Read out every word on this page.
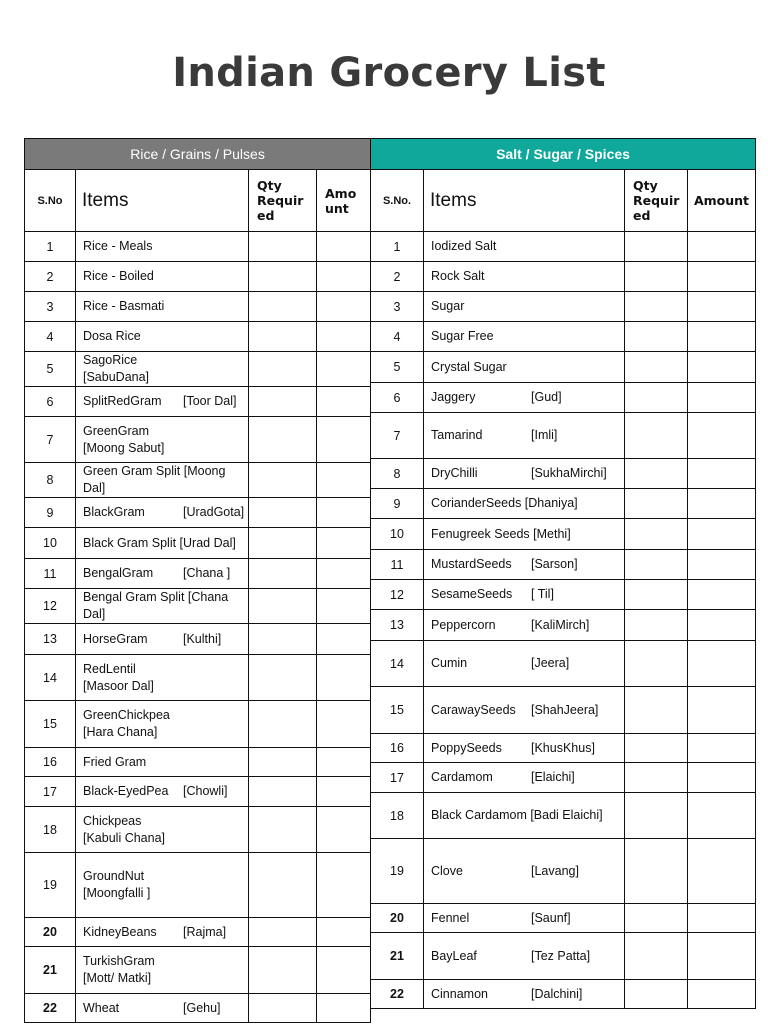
Indian Grocery List
Rice / Grains / Pulses			
S.No	Items	Qty Requir ed	Amo unt
1	Rice - Meals		
2	Rice - Boiled		
3	Rice - Basmati		
4	Dosa Rice		
5	SagoRice[SabuDana]		
6	SplitRedGram [Toor Dal]		
7	GreenGram[Moong Sabut]		
8	Green Gram Split [Moong Dal]		
9	BlackGram [UradGota]		
10	Black Gram Split [Urad Dal]		
11	BengalGram [Chana ]		
12	Bengal Gram Split [Chana Dal]		
13	HorseGram [Kulthi]		
14	RedLentil[Masoor Dal]		
15	GreenChickpea[Hara Chana]		
16	Fried Gram		
17	Black-EyedPea [Chowli]		
18	Chickpeas[Kabuli Chana]		
19	GroundNut[Moongfalli ]		
20	KidneyBeans [Rajma]		
21	TurkishGram[Mott/ Matki]		
22	Wheat [Gehu]		
Salt / Sugar / Spices			
S.No.	Items	Qty Requir ed	Amount
1	Iodized Salt		
2	Rock Salt		
3	Sugar		
4	Sugar Free		
5	Crystal Sugar		
6	Jaggery [Gud]		
7	Tamarind [Imli]		
8	DryChilli [SukhaMirchi]		
9	CorianderSeeds [Dhaniya]		
10	Fenugreek Seeds [Methi]		
11	MustardSeeds [Sarson]		
12	SesameSeeds [ Til]		
13	Peppercorn [KaliMirch]		
14	Cumin [Jeera]		
15	CarawaySeeds [ShahJeera]		
16	PoppySeeds [KhusKhus]		
17	Cardamom [Elaichi]		
18	Black Cardamom [Badi Elaichi]		
19	Clove [Lavang]		
20	Fennel [Saunf]		
21	BayLeaf [Tez Patta]		
22	Cinnamon [Dalchini]		
